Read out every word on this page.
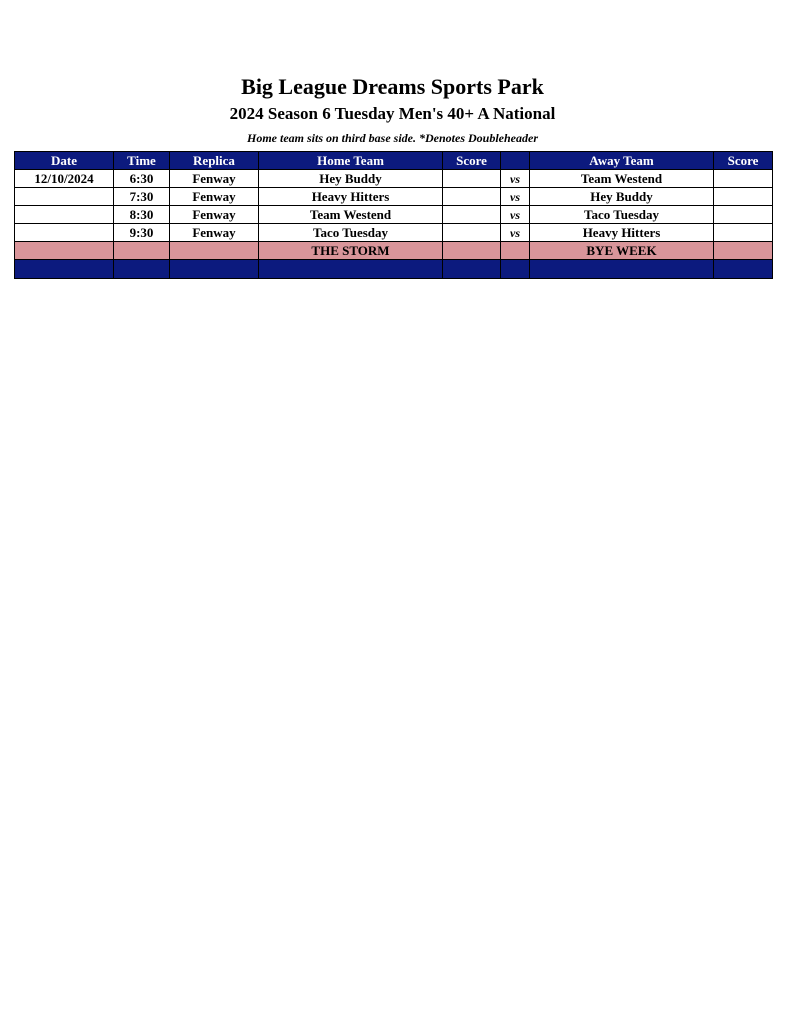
Big League Dreams Sports Park
2024 Season 6 Tuesday Men's 40+ A National
Home team sits on third base side. *Denotes Doubleheader
Date	Time	Replica	Home Team	Score		Away Team	Score
12/10/2024	6:30	Fenway	Hey Buddy		vs	Team Westend	
	7:30	Fenway	Heavy Hitters		vs	Hey Buddy	
	8:30	Fenway	Team Westend		vs	Taco Tuesday	
	9:30	Fenway	Taco Tuesday		vs	Heavy Hitters	
			THE STORM			BYE WEEK	
